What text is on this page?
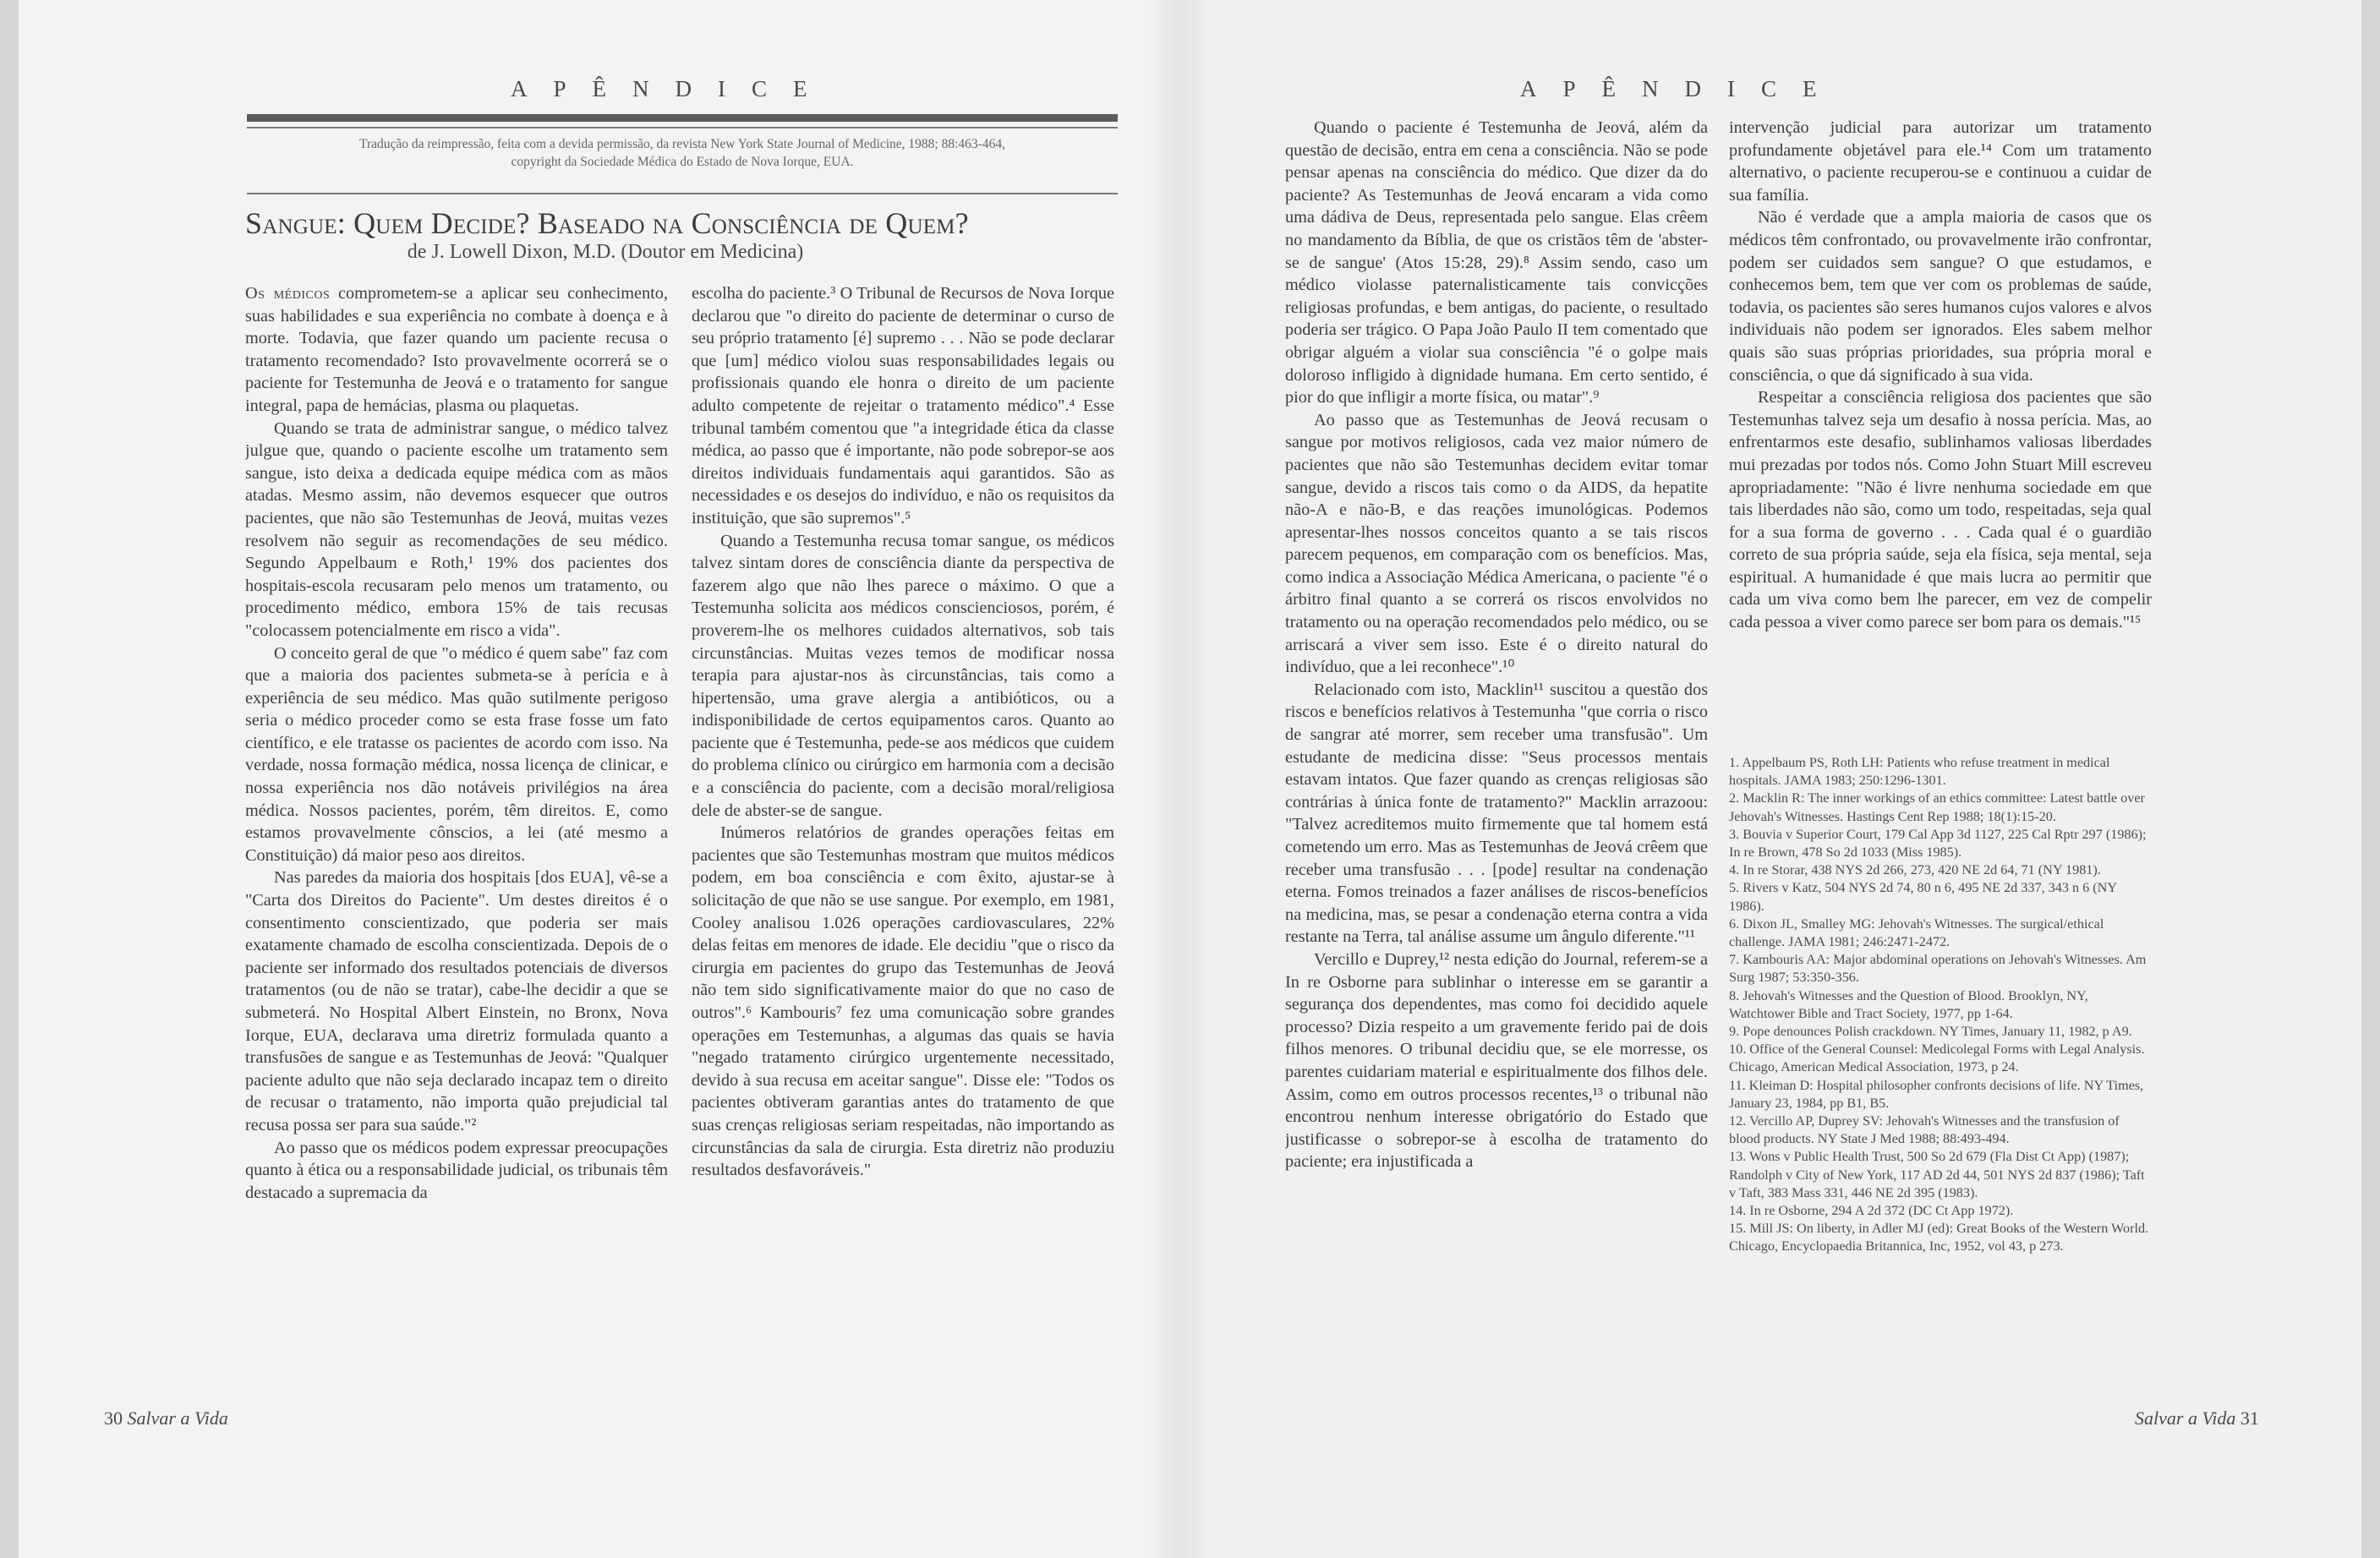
APÊNDICE	APÊNDICE
Tradução da reimpressão, feita com a devida permissão, da revista New York State Journal of Medicine, 1988; 88:463-464,
copyright da Sociedade Médica do Estado de Nova Iorque, EUA.
Sangue: Quem Decide? Baseado na Consciência de Quem?
de J. Lowell Dixon, M.D. (Doutor em Medicina)

Os médicos comprometem-se a aplicar seu conhecimento, suas habilidades e sua experiência no combate à doença e à morte. Todavia, que fazer quando um paciente recusa o tratamento recomendado? Isto provavelmente ocorrerá se o paciente for Testemunha de Jeová e o tratamento for sangue integral, papa de hemácias, plasma ou plaquetas.

Quando se trata de administrar sangue, o médico talvez julgue que, quando o paciente escolhe um tratamento sem sangue, isto deixa a dedicada equipe médica com as mãos atadas. Mesmo assim, não devemos esquecer que outros pacientes, que não são Testemunhas de Jeová, muitas vezes resolvem não seguir as recomendações de seu médico. Segundo Appelbaum e Roth,¹ 19% dos pacientes dos hospitais-escola recusaram pelo menos um tratamento, ou procedimento médico, embora 15% de tais recusas "colocassem potencialmente em risco a vida".

O conceito geral de que "o médico é quem sabe" faz com que a maioria dos pacientes submeta-se à perícia e à experiência de seu médico. Mas quão sutilmente perigoso seria o médico proceder como se esta frase fosse um fato científico, e ele tratasse os pacientes de acordo com isso. Na verdade, nossa formação médica, nossa licença de clinicar, e nossa experiência nos dão notáveis privilégios na área médica. Nossos pacientes, porém, têm direitos. E, como estamos provavelmente cônscios, a lei (até mesmo a Constituição) dá maior peso aos direitos.

Nas paredes da maioria dos hospitais [dos EUA], vê-se a "Carta dos Direitos do Paciente". Um destes direitos é o consentimento conscientizado, que poderia ser mais exatamente chamado de escolha conscientizada. Depois de o paciente ser informado dos resultados potenciais de diversos tratamentos (ou de não se tratar), cabe-lhe decidir a que se submeterá. No Hospital Albert Einstein, no Bronx, Nova Iorque, EUA, declarava uma diretriz formulada quanto a transfusões de sangue e as Testemunhas de Jeová: "Qualquer paciente adulto que não seja declarado incapaz tem o direito de recusar o tratamento, não importa quão prejudicial tal recusa possa ser para sua saúde."²

Ao passo que os médicos podem expressar preocupações quanto à ética ou a responsabilidade judicial, os tribunais têm destacado a supremacia da

escolha do paciente.³ O Tribunal de Recursos de Nova Iorque declarou que "o direito do paciente de determinar o curso de seu próprio tratamento [é] supremo . . . Não se pode declarar que [um] médico violou suas responsabilidades legais ou profissionais quando ele honra o direito de um paciente adulto competente de rejeitar o tratamento médico".⁴ Esse tribunal também comentou que "a integridade ética da classe médica, ao passo que é importante, não pode sobrepor-se aos direitos individuais fundamentais aqui garantidos. São as necessidades e os desejos do indivíduo, e não os requisitos da instituição, que são supremos".⁵

Quando a Testemunha recusa tomar sangue, os médicos talvez sintam dores de consciência diante da perspectiva de fazerem algo que não lhes parece o máximo. O que a Testemunha solicita aos médicos conscienciosos, porém, é proverem-lhe os melhores cuidados alternativos, sob tais circunstâncias. Muitas vezes temos de modificar nossa terapia para ajustar-nos às circunstâncias, tais como a hipertensão, uma grave alergia a antibióticos, ou a indisponibilidade de certos equipamentos caros. Quanto ao paciente que é Testemunha, pede-se aos médicos que cuidem do problema clínico ou cirúrgico em harmonia com a decisão e a consciência do paciente, com a decisão moral/religiosa dele de abster-se de sangue.

Inúmeros relatórios de grandes operações feitas em pacientes que são Testemunhas mostram que muitos médicos podem, em boa consciência e com êxito, ajustar-se à solicitação de que não se use sangue. Por exemplo, em 1981, Cooley analisou 1.026 operações cardiovasculares, 22% delas feitas em menores de idade. Ele decidiu "que o risco da cirurgia em pacientes do grupo das Testemunhas de Jeová não tem sido significativamente maior do que no caso de outros".⁶ Kambouris⁷ fez uma comunicação sobre grandes operações em Testemunhas, a algumas das quais se havia "negado tratamento cirúrgico urgentemente necessitado, devido à sua recusa em aceitar sangue". Disse ele: "Todos os pacientes obtiveram garantias antes do tratamento de que suas crenças religiosas seriam respeitadas, não importando as circunstâncias da sala de cirurgia. Esta diretriz não produziu resultados desfavoráveis."

Quando o paciente é Testemunha de Jeová, além da questão de decisão, entra em cena a consciência. Não se pode pensar apenas na consciência do médico. Que dizer da do paciente? As Testemunhas de Jeová encaram a vida como uma dádiva de Deus, representada pelo sangue. Elas crêem no mandamento da Bíblia, de que os cristãos têm de 'abster-se de sangue' (Atos 15:28, 29).⁸ Assim sendo, caso um médico violasse paternalisticamente tais convicções religiosas profundas, e bem antigas, do paciente, o resultado poderia ser trágico. O Papa João Paulo II tem comentado que obrigar alguém a violar sua consciência "é o golpe mais doloroso infligido à dignidade humana. Em certo sentido, é pior do que infligir a morte física, ou matar".⁹

Ao passo que as Testemunhas de Jeová recusam o sangue por motivos religiosos, cada vez maior número de pacientes que não são Testemunhas decidem evitar tomar sangue, devido a riscos tais como o da AIDS, da hepatite não-A e não-B, e das reações imunológicas. Podemos apresentar-lhes nossos conceitos quanto a se tais riscos parecem pequenos, em comparação com os benefícios. Mas, como indica a Associação Médica Americana, o paciente "é o árbitro final quanto a se correrá os riscos envolvidos no tratamento ou na operação recomendados pelo médico, ou se arriscará a viver sem isso. Este é o direito natural do indivíduo, que a lei reconhece".¹⁰

Relacionado com isto, Macklin¹¹ suscitou a questão dos riscos e benefícios relativos à Testemunha "que corria o risco de sangrar até morrer, sem receber uma transfusão". Um estudante de medicina disse: "Seus processos mentais estavam intatos. Que fazer quando as crenças religiosas são contrárias à única fonte de tratamento?" Macklin arrazoou: "Talvez acreditemos muito firmemente que tal homem está cometendo um erro. Mas as Testemunhas de Jeová crêem que receber uma transfusão . . . [pode] resultar na condenação eterna. Fomos treinados a fazer análises de riscos-benefícios na medicina, mas, se pesar a condenação eterna contra a vida restante na Terra, tal análise assume um ângulo diferente."¹¹

Vercillo e Duprey,¹² nesta edição do Journal, referem-se a In re Osborne para sublinhar o interesse em se garantir a segurança dos dependentes, mas como foi decidido aquele processo? Dizia respeito a um gravemente ferido pai de dois filhos menores. O tribunal decidiu que, se ele morresse, os parentes cuidariam material e espiritualmente dos filhos dele. Assim, como em outros processos recentes,¹³ o tribunal não encontrou nenhum interesse obrigatório do Estado que justificasse o sobrepor-se à escolha de tratamento do paciente; era injustificada a

intervenção judicial para autorizar um tratamento profundamente objetável para ele.¹⁴ Com um tratamento alternativo, o paciente recuperou-se e continuou a cuidar de sua família.

Não é verdade que a ampla maioria de casos que os médicos têm confrontado, ou provavelmente irão confrontar, podem ser cuidados sem sangue? O que estudamos, e conhecemos bem, tem que ver com os problemas de saúde, todavia, os pacientes são seres humanos cujos valores e alvos individuais não podem ser ignorados. Eles sabem melhor quais são suas próprias prioridades, sua própria moral e consciência, o que dá significado à sua vida.

Respeitar a consciência religiosa dos pacientes que são Testemunhas talvez seja um desafio à nossa perícia. Mas, ao enfrentarmos este desafio, sublinhamos valiosas liberdades mui prezadas por todos nós. Como John Stuart Mill escreveu apropriadamente: "Não é livre nenhuma sociedade em que tais liberdades não são, como um todo, respeitadas, seja qual for a sua forma de governo . . . Cada qual é o guardião correto de sua própria saúde, seja ela física, seja mental, seja espiritual. A humanidade é que mais lucra ao permitir que cada um viva como bem lhe parecer, em vez de compelir cada pessoa a viver como parece ser bom para os demais."¹⁵

1. Appelbaum PS, Roth LH: Patients who refuse treatment in medical hospitals. JAMA 1983; 250:1296-1301.
2. Macklin R: The inner workings of an ethics committee: Latest battle over Jehovah's Witnesses. Hastings Cent Rep 1988; 18(1):15-20.
3. Bouvia v Superior Court, 179 Cal App 3d 1127, 225 Cal Rptr 297 (1986); In re Brown, 478 So 2d 1033 (Miss 1985).
4. In re Storar, 438 NYS 2d 266, 273, 420 NE 2d 64, 71 (NY 1981).
5. Rivers v Katz, 504 NYS 2d 74, 80 n 6, 495 NE 2d 337, 343 n 6 (NY 1986).
6. Dixon JL, Smalley MG: Jehovah's Witnesses. The surgical/ethical challenge. JAMA 1981; 246:2471-2472.
7. Kambouris AA: Major abdominal operations on Jehovah's Witnesses. Am Surg 1987; 53:350-356.
8. Jehovah's Witnesses and the Question of Blood. Brooklyn, NY, Watchtower Bible and Tract Society, 1977, pp 1-64.
9. Pope denounces Polish crackdown. NY Times, January 11, 1982, p A9.
10. Office of the General Counsel: Medicolegal Forms with Legal Analysis. Chicago, American Medical Association, 1973, p 24.
11. Kleiman D: Hospital philosopher confronts decisions of life. NY Times, January 23, 1984, pp B1, B5.
12. Vercillo AP, Duprey SV: Jehovah's Witnesses and the transfusion of blood products. NY State J Med 1988; 88:493-494.
13. Wons v Public Health Trust, 500 So 2d 679 (Fla Dist Ct App) (1987); Randolph v City of New York, 117 AD 2d 44, 501 NYS 2d 837 (1986); Taft v Taft, 383 Mass 331, 446 NE 2d 395 (1983).
14. In re Osborne, 294 A 2d 372 (DC Ct App 1972).
15. Mill JS: On liberty, in Adler MJ (ed): Great Books of the Western World. Chicago, Encyclopaedia Britannica, Inc, 1952, vol 43, p 273.
30 Salvar a Vida	Salvar a Vida 31
